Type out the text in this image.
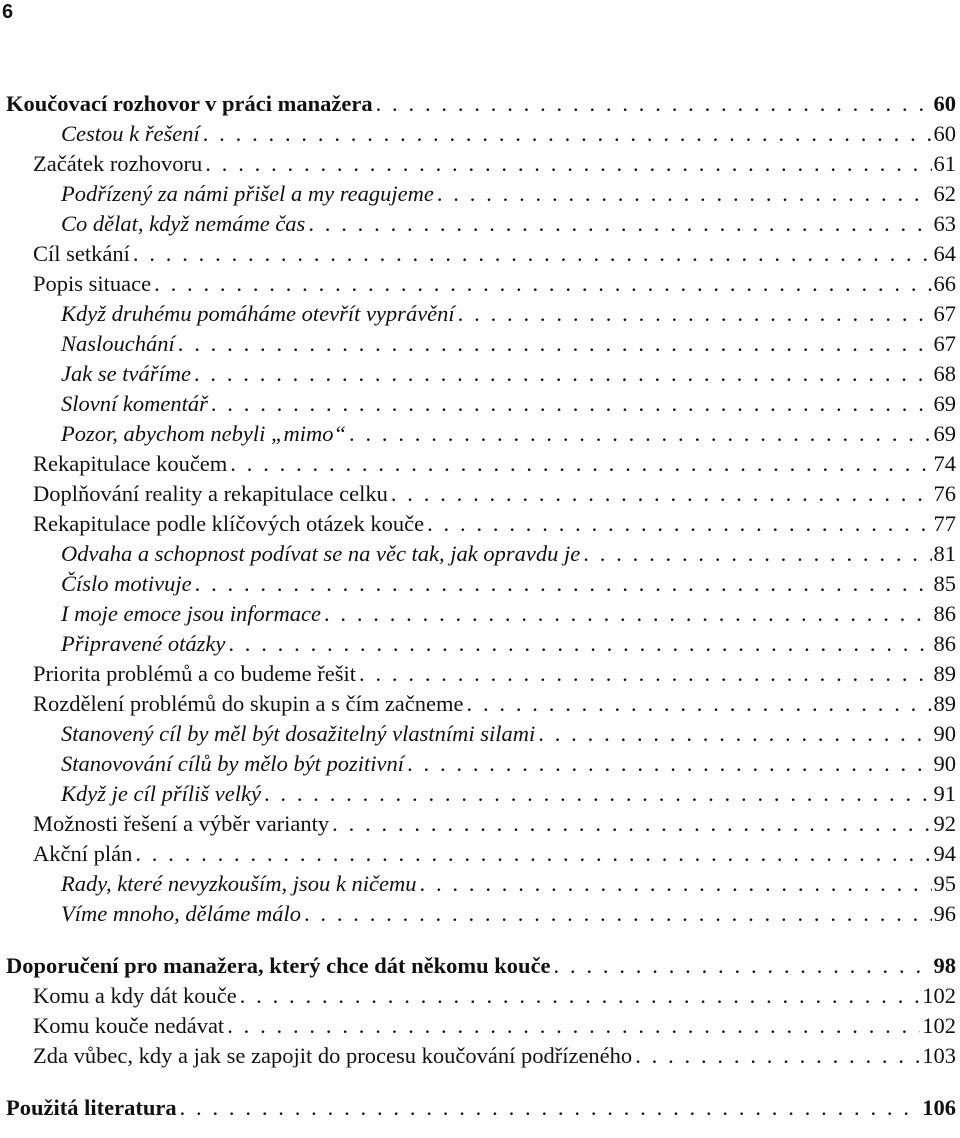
6
Koučovací rozhovor v práci manažera . . .	60
Cestou k řešení . . .	60
Začátek rozhovoru . . .	61
Podřízený za námi přišel a my reagujeme . . .	62
Co dělat, když nemáme čas . . .	63
Cíl setkání . . .	64
Popis situace . . .	66
Když druhému pomáháme otevřít vyprávění . . .	67
Naslouchání . . .	67
Jak se tváříme . . .	68
Slovní komentář . . .	69
Pozor, abychom nebyli „mimo“ . . .	69
Rekapitulace koučem . . .	74
Doplňování reality a rekapitulace celku . . .	76
Rekapitulace podle klíčových otázek kouče . . .	77
Odvaha a schopnost podívat se na věc tak, jak opravdu je . . .	81
Číslo motivuje . . .	85
I moje emoce jsou informace . . .	86
Připravené otázky . . .	86
Priorita problémů a co budeme řešit . . .	89
Rozdělení problémů do skupin a s čím začneme . . .	89
Stanovený cíl by měl být dosažitelný vlastními silami . . .	90
Stanovování cílů by mělo být pozitivní . . .	90
Když je cíl příliš velký . . .	91
Možnosti řešení a výběr varianty . . .	92
Akční plán . . .	94
Rady, které nevyzkouším, jsou k ničemu . . .	95
Víme mnoho, děláme málo . . .	96
Doporučení pro manažera, který chce dát někomu kouče . . .	98
Komu a kdy dát kouče . . .	102
Komu kouče nedávat . . .	102
Zda vůbec, kdy a jak se zapojit do procesu koučování podřízeného . . .	103
Použitá literatura . . .	106
